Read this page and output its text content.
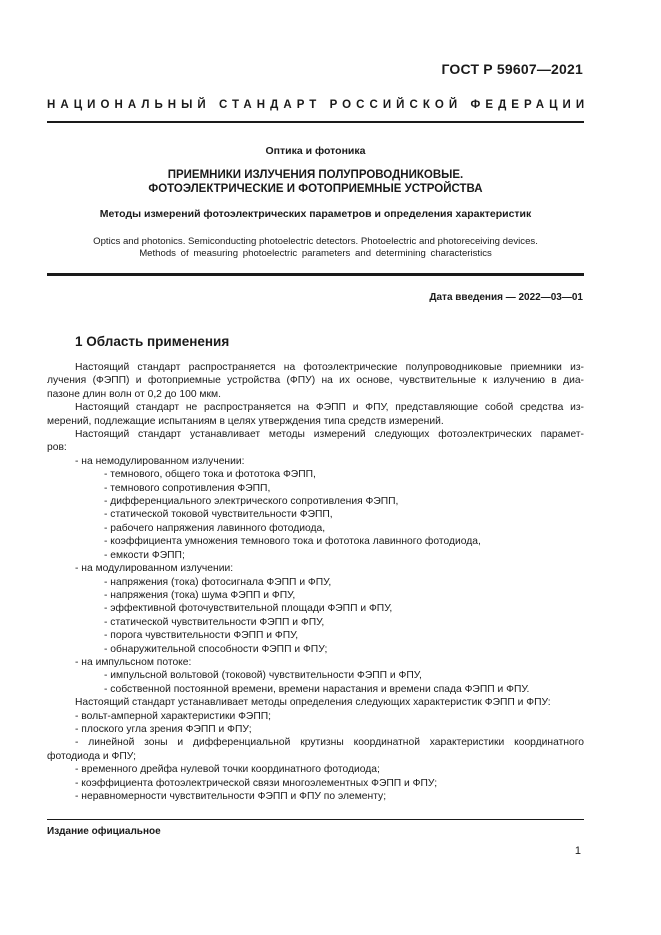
ГОСТ Р 59607—2021
НАЦИОНАЛЬНЫЙ СТАНДАРТ РОССИЙСКОЙ ФЕДЕРАЦИИ
Оптика и фотоника
ПРИЕМНИКИ ИЗЛУЧЕНИЯ ПОЛУПРОВОДНИКОВЫЕ.
ФОТОЭЛЕКТРИЧЕСКИЕ И ФОТОПРИЕМНЫЕ УСТРОЙСТВА
Методы измерений фотоэлектрических параметров и определения характеристик
Optics and photonics. Semiconducting photoelectric detectors. Photoelectric and photoreceiving devices.
Methods of measuring photoelectric parameters and determining characteristics
Дата введения — 2022—03—01
1 Область применения

Настоящий стандарт распространяется на фотоэлектрические полупроводниковые приемники из-

лучения (ФЭПП) и фотоприемные устройства (ФПУ) на их основе, чувствительные к излучению в диа-

пазоне длин волн от 0,2 до 100 мкм.

Настоящий стандарт не распространяется на ФЭПП и ФПУ, представляющие собой средства из-

мерений, подлежащие испытаниям в целях утверждения типа средств измерений.

Настоящий стандарт устанавливает методы измерений следующих фотоэлектрических парамет-

ров:

- на немодулированном излучении:

- темнового, общего тока и фототока ФЭПП,

- темнового сопротивления ФЭПП,

- дифференциального электрического сопротивления ФЭПП,

- статической токовой чувствительности ФЭПП,

- рабочего напряжения лавинного фотодиода,

- коэффициента умножения темнового тока и фототока лавинного фотодиода,

- емкости ФЭПП;

- на модулированном излучении:

- напряжения (тока) фотосигнала ФЭПП и ФПУ,

- напряжения (тока) шума ФЭПП и ФПУ,

- эффективной фоточувствительной площади ФЭПП и ФПУ,

- статической чувствительности ФЭПП и ФПУ,

- порога чувствительности ФЭПП и ФПУ,

- обнаружительной способности ФЭПП и ФПУ;

- на импульсном потоке:

- импульсной вольтовой (токовой) чувствительности ФЭПП и ФПУ,

- собственной постоянной времени, времени нарастания и времени спада ФЭПП и ФПУ.

Настоящий стандарт устанавливает методы определения следующих характеристик ФЭПП и ФПУ:

- вольт-амперной характеристики ФЭПП;

- плоского угла зрения ФЭПП и ФПУ;

- линейной зоны и дифференциальной крутизны координатной характеристики координатного

фотодиода и ФПУ;

- временного дрейфа нулевой точки координатного фотодиода;

- коэффициента фотоэлектрической связи многоэлементных ФЭПП и ФПУ;

- неравномерности чувствительности ФЭПП и ФПУ по элементу;

Издание официальное
1
